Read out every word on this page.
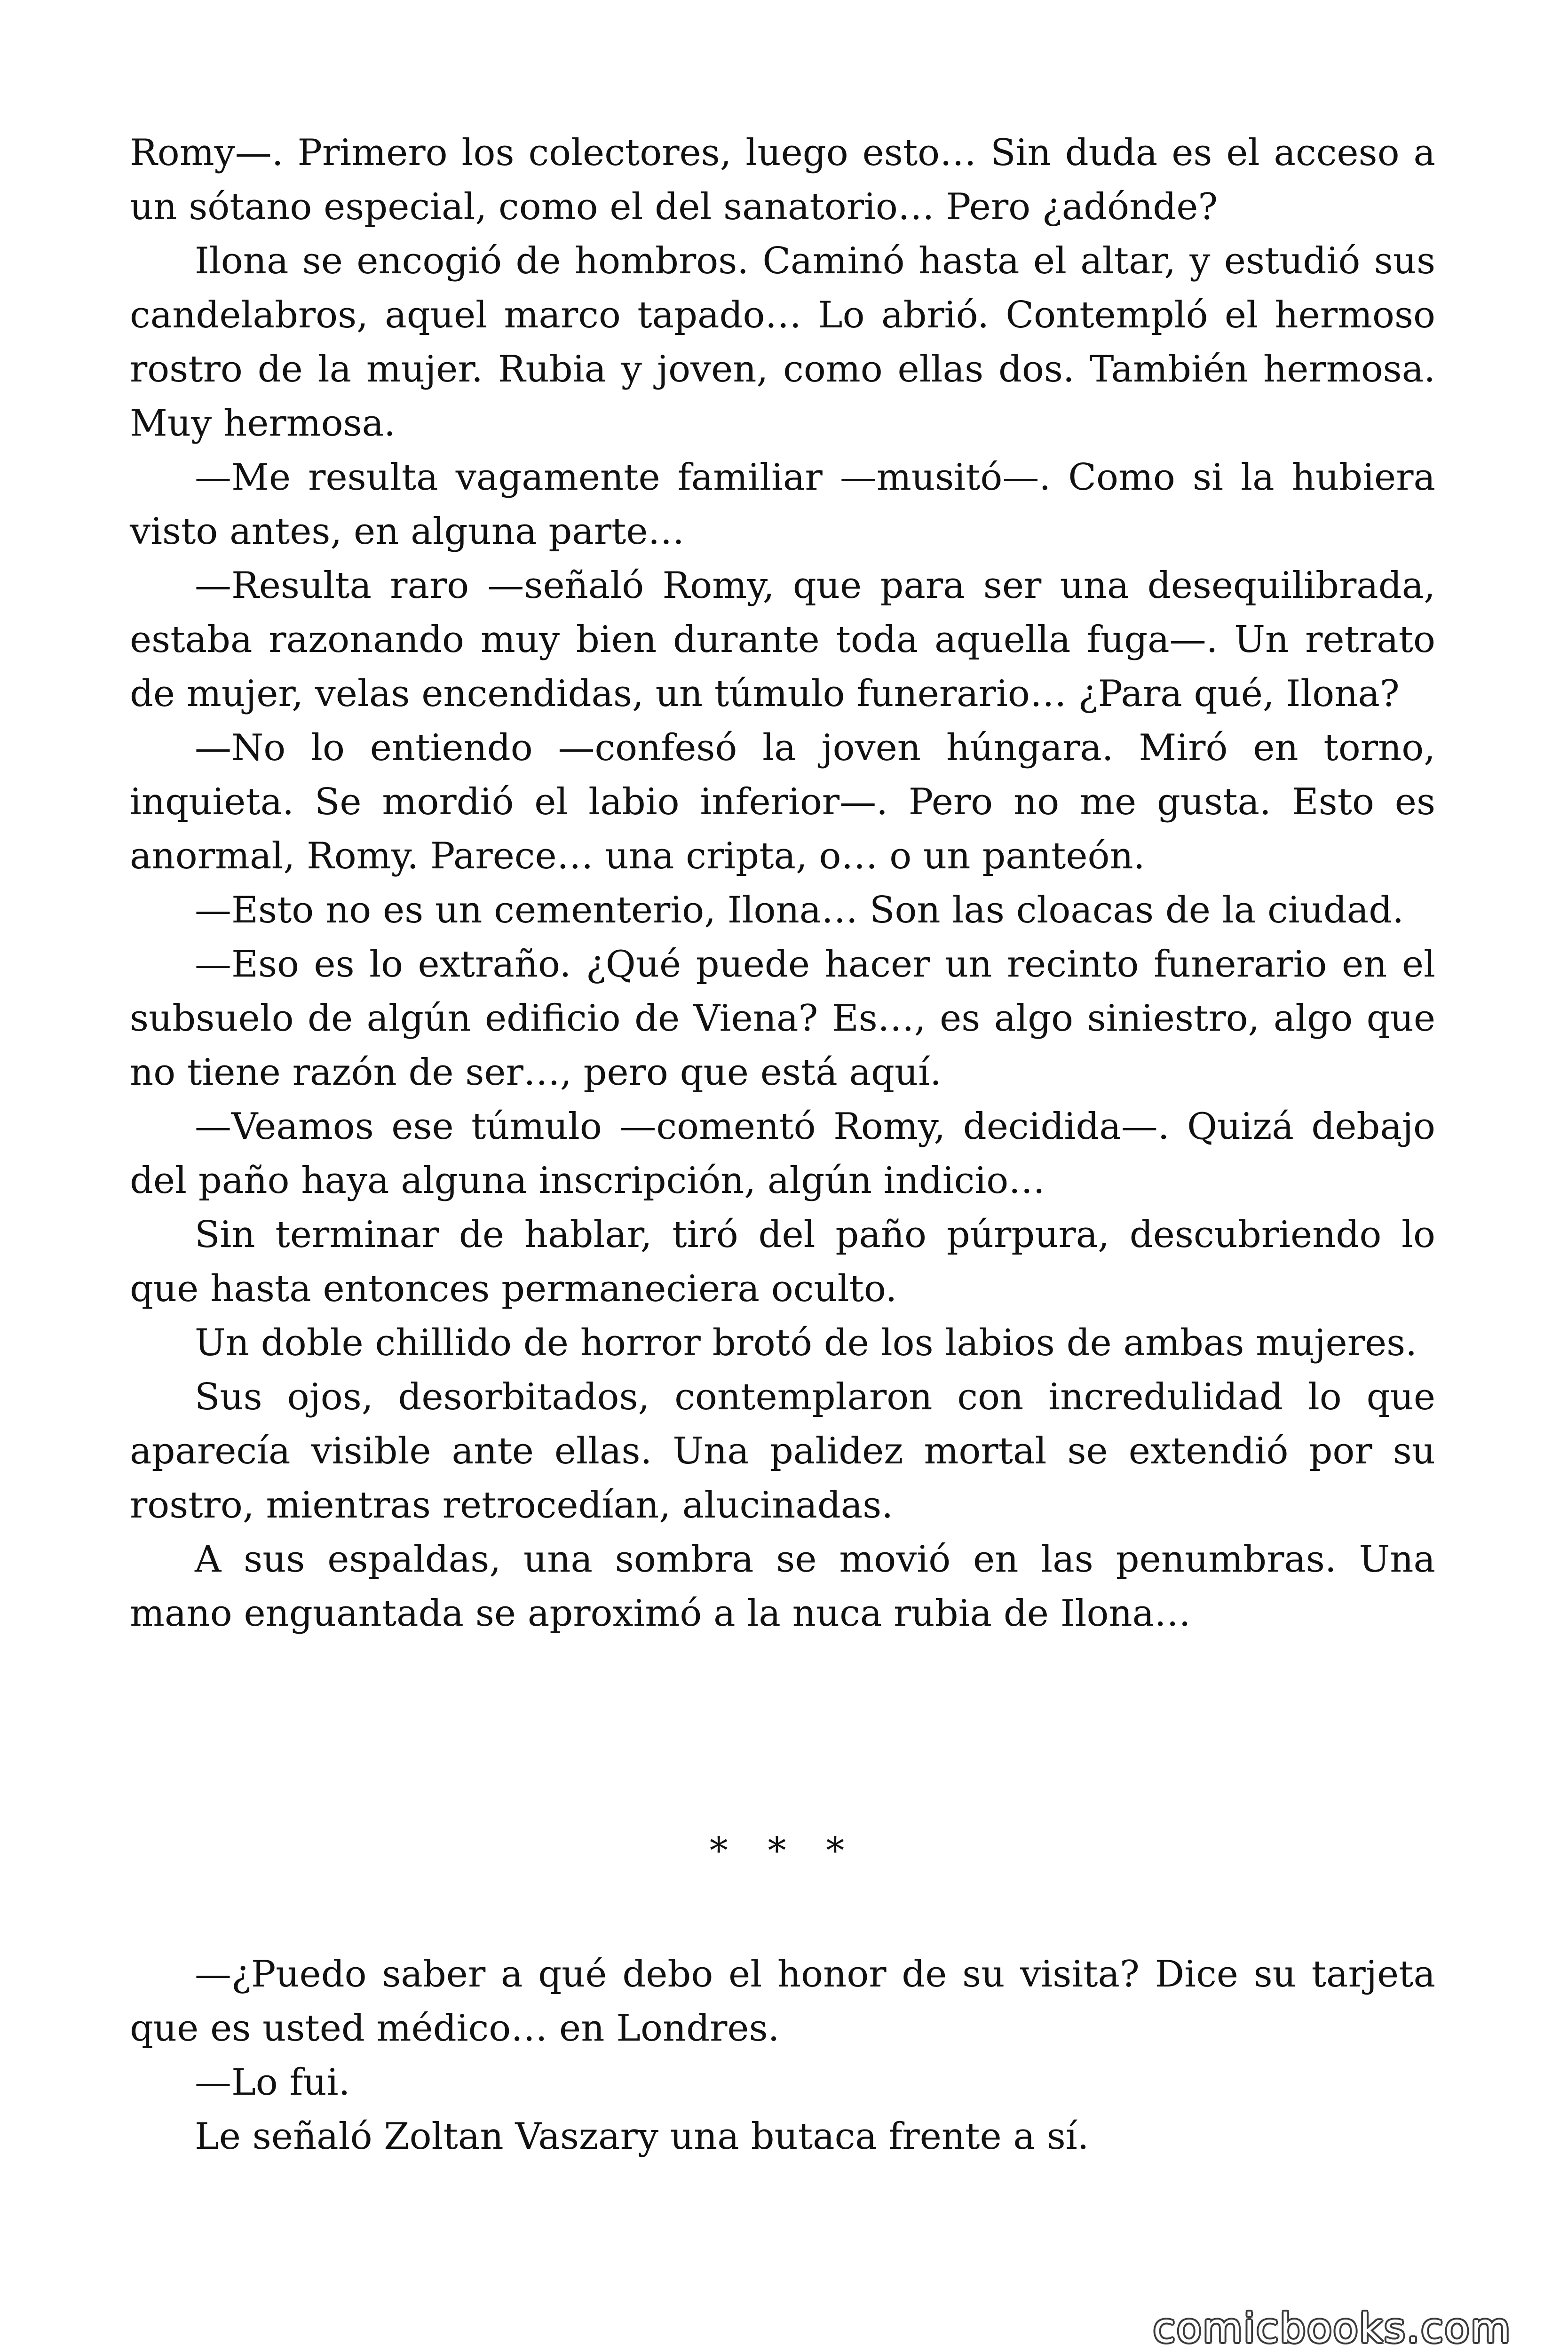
Romy—. Primero los colectores, luego esto… Sin duda es el acceso a un sótano especial, como el del sanatorio… Pero ¿adónde?

Ilona se encogió de hombros. Caminó hasta el altar, y estudió sus candelabros, aquel marco tapado… Lo abrió. Contempló el hermoso rostro de la mujer. Rubia y joven, como ellas dos. También hermosa. Muy hermosa.

—Me resulta vagamente familiar —musitó—. Como si la hubiera visto antes, en alguna parte…

—Resulta raro —señaló Romy, que para ser una desequilibrada, estaba razonando muy bien durante toda aquella fuga—. Un retrato de mujer, velas encendidas, un túmulo funerario… ¿Para qué, Ilona?

—No lo entiendo —confesó la joven húngara. Miró en torno, inquieta. Se mordió el labio inferior—. Pero no me gusta. Esto es anormal, Romy. Parece… una cripta, o… o un panteón.

—Esto no es un cementerio, Ilona… Son las cloacas de la ciudad.

—Eso es lo extraño. ¿Qué puede hacer un recinto funerario en el subsuelo de algún edificio de Viena? Es…, es algo siniestro, algo que no tiene razón de ser…, pero que está aquí.

—Veamos ese túmulo —comentó Romy, decidida—. Quizá debajo del paño haya alguna inscripción, algún indicio…

Sin terminar de hablar, tiró del paño púrpura, descubriendo lo que hasta entonces permaneciera oculto.

Un doble chillido de horror brotó de los labios de ambas mujeres.

Sus ojos, desorbitados, contemplaron con incredulidad lo que aparecía visible ante ellas. Una palidez mortal se extendió por su rostro, mientras retrocedían, alucinadas.

A sus espaldas, una sombra se movió en las penumbras. Una mano enguantada se aproximó a la nuca rubia de Ilona…

* * *

—¿Puedo saber a qué debo el honor de su visita? Dice su tarjeta que es usted médico… en Londres.

—Lo fui.

Le señaló Zoltan Vaszary una butaca frente a sí.

comicbooks.com
